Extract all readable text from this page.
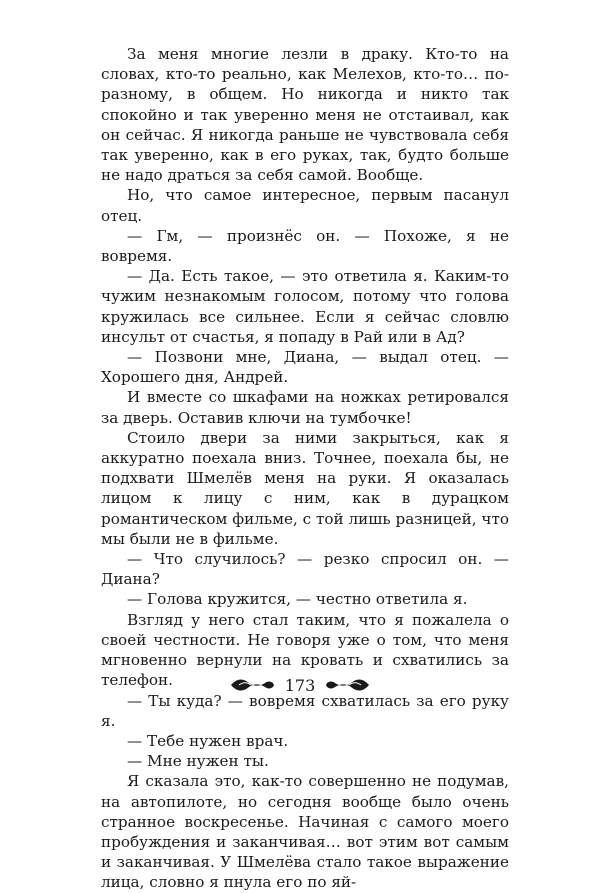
За меня многие лезли в драку. Кто-то на словах, кто-то реально, как Мелехов, кто-то… по-разному, в общем. Но никогда и никто так спокойно и так уверенно меня не отстаивал, как он сейчас. Я никогда раньше не чувствовала себя так уверенно, как в его руках, так, будто больше не надо драться за себя самой. Вообще.

Но, что самое интересное, первым пасанул отец.

— Гм, — произнёс он. — Похоже, я не вовремя.

— Да. Есть такое, — это ответила я. Каким-то чужим незнакомым голосом, потому что голова кружилась все сильнее. Если я сейчас словлю инсульт от счастья, я попаду в Рай или в Ад?

— Позвони мне, Диана, — выдал отец. — Хорошего дня, Андрей.

И вместе со шкафами на ножках ретировался за дверь. Оставив ключи на тумбочке!

Стоило двери за ними закрыться, как я аккуратно поехала вниз. Точнее, поехала бы, не подхвати Шмелёв меня на руки. Я оказалась лицом к лицу с ним, как в дурацком романтическом фильме, с той лишь разницей, что мы были не в фильме.

— Что случилось? — резко спросил он. — Диана?

— Голова кружится, — честно ответила я.

Взгляд у него стал таким, что я пожалела о своей честности. Не говоря уже о том, что меня мгновенно вернули на кровать и схватились за телефон.

— Ты куда? — вовремя схватилась за его руку я.

— Тебе нужен врач.

— Мне нужен ты.

Я сказала это, как-то совершенно не подумав, на автопилоте, но сегодня вообще было очень странное воскресенье. Начиная с самого моего пробуждения и заканчивая… вот этим вот самым и заканчивая. У Шмелёва стало такое выражение лица, словно я пнула его по яй-

173
